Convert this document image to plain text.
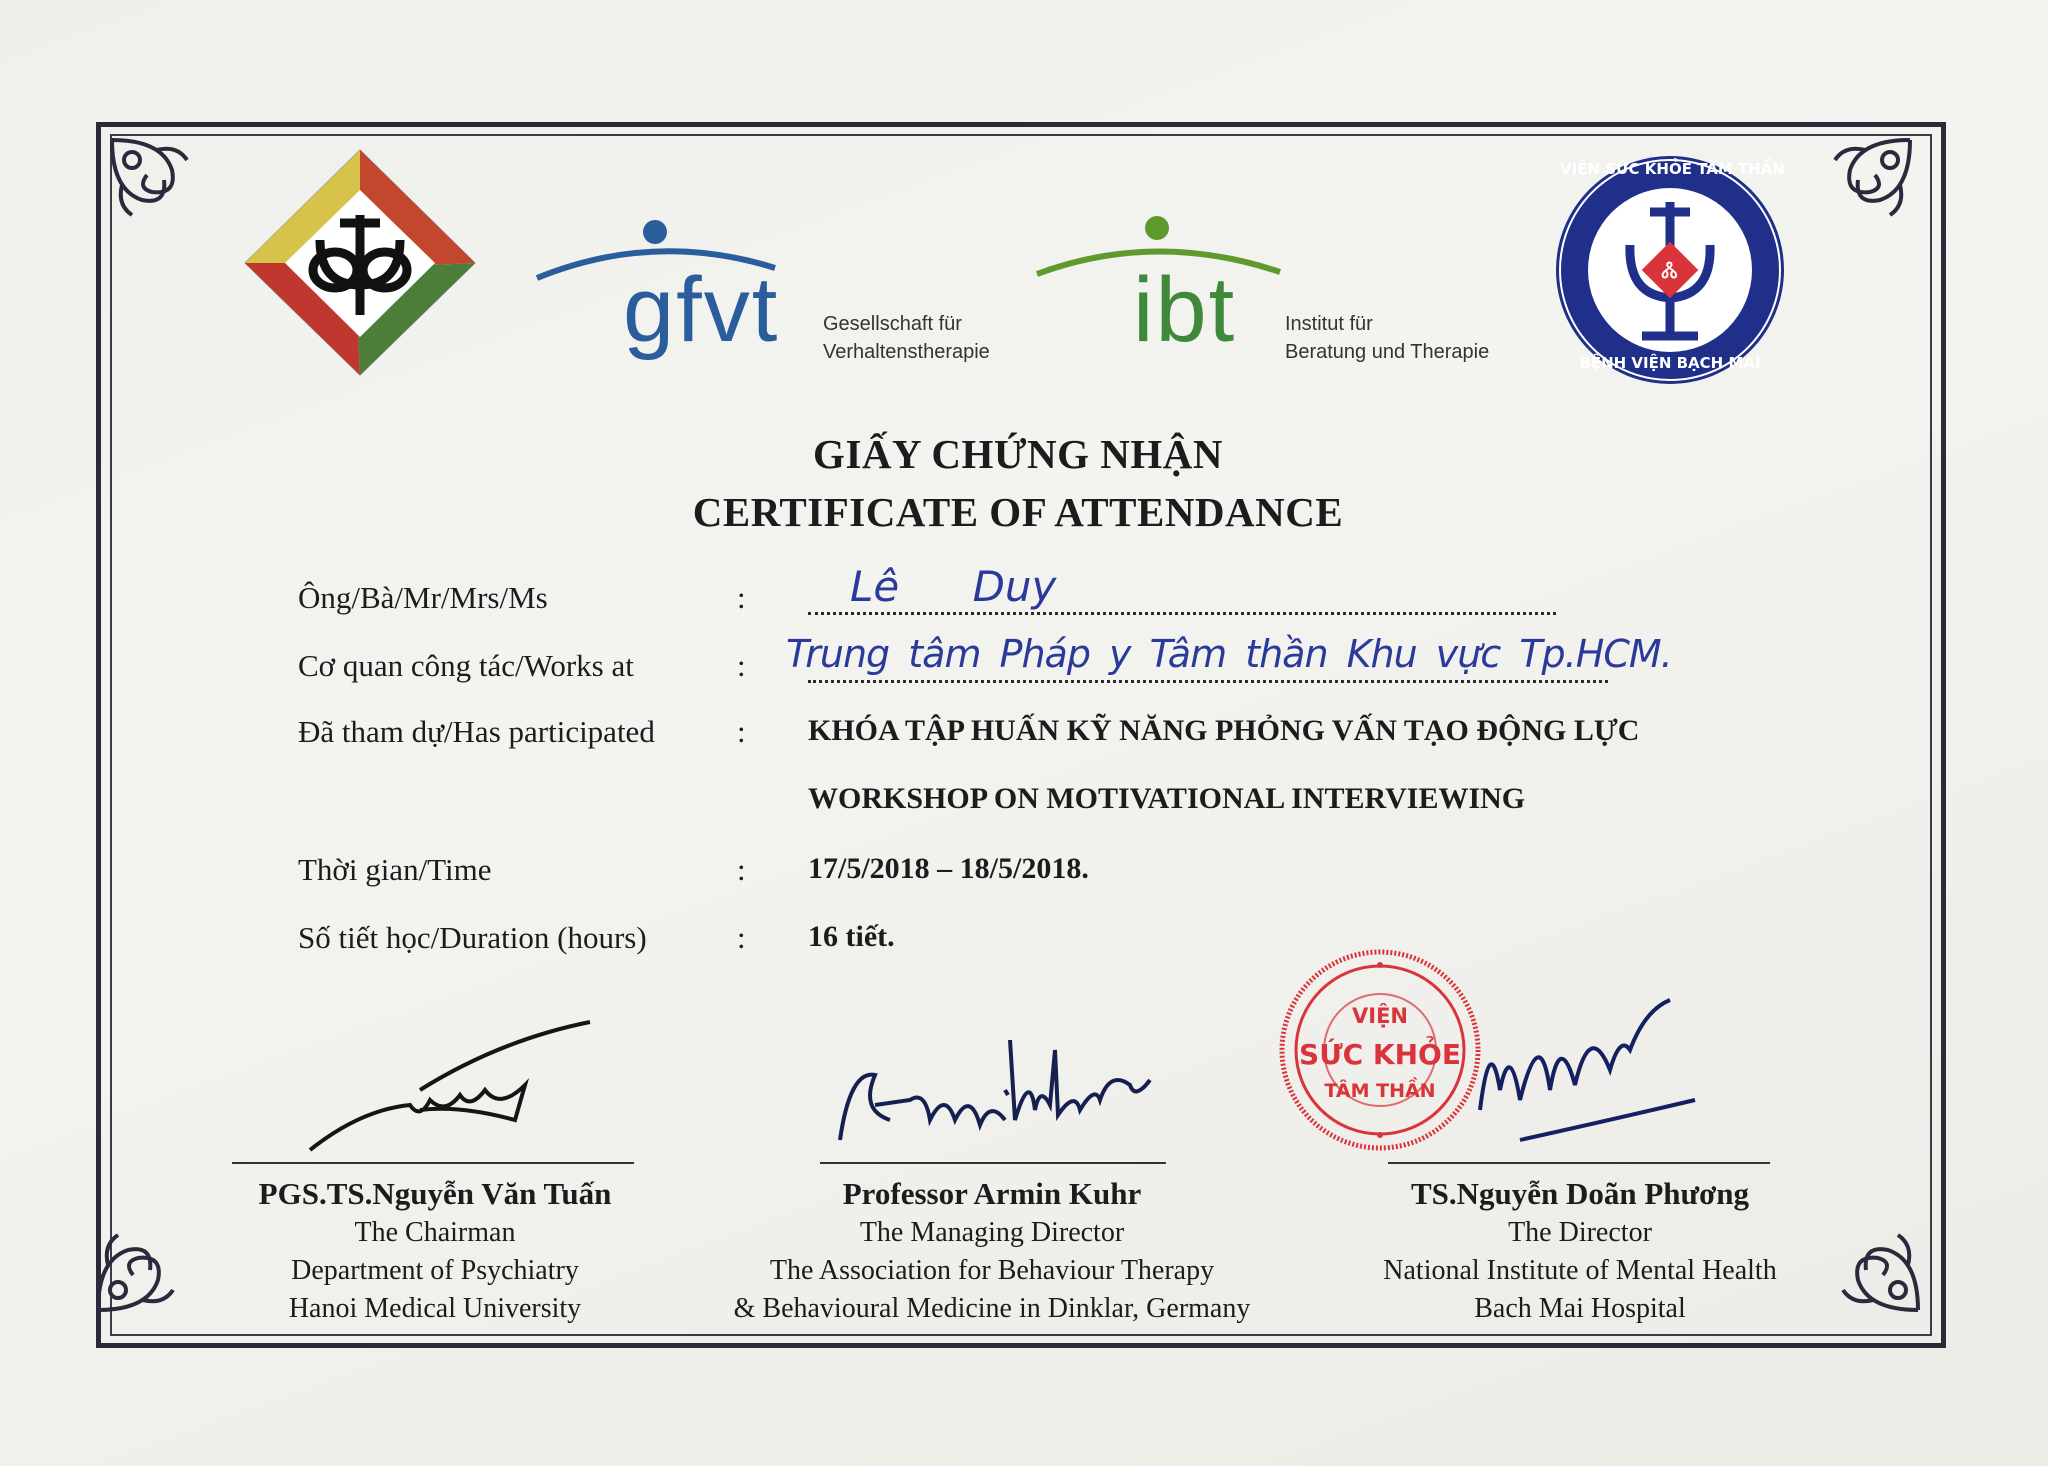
gfvt Gesellschaft für
Verhaltenstherapie ibt Institut für
Beratung und Therapie
Ꮬ
VIỆN SỨC KHỎE TÂM THẦN
BỆNH VIỆN BẠCH MAI
GIẤY CHỨNG NHẬN
CERTIFICATE OF ATTENDANCE
Ông/Bà/Mr/Mrs/Ms	: Lê Duy
Cơ quan công tác/Works at	: Trung tâm Pháp y Tâm thần Khu vực Tp.HCM.
Đã tham dự/Has participated	: KHÓA TẬP HUẤN KỸ NĂNG PHỎNG VẤN TẠO ĐỘNG LỰC
WORKSHOP ON MOTIVATIONAL INTERVIEWING
Thời gian/Time	: 17/5/2018 – 18/5/2018.
Số tiết học/Duration (hours)	: 16 tiết.
VIỆN
SỨC KHỎE
TÂM THẦN
PGS.TS.Nguyễn Văn Tuấn
The Chairman
Department of Psychiatry
Hanoi Medical University
Professor Armin Kuhr
The Managing Director
The Association for Behaviour Therapy
& Behavioural Medicine in Dinklar, Germany
TS.Nguyễn Doãn Phương
The Director
National Institute of Mental Health
Bach Mai Hospital
